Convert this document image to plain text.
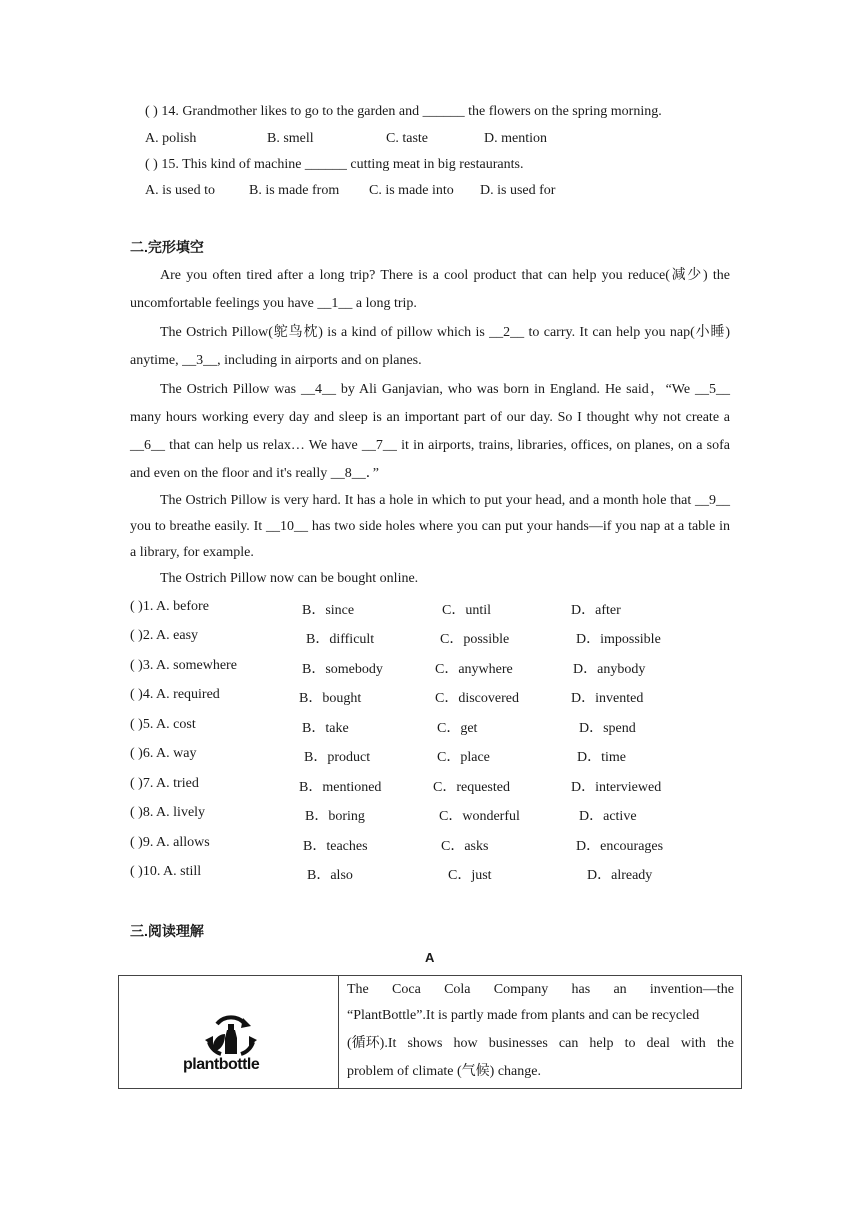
( ) 14. Grandmother likes to go to the garden and ______ the flowers on the spring morning.
A. polish	B. smell	C. taste	D. mention
( ) 15. This kind of machine ______ cutting meat in big restaurants.
A. is used to B. is made from C. is made into D. is used for
二.完形填空

Are you often tired after a long trip? There is a cool product that can help you reduce(减少) the uncomfortable feelings you have __1__ a long trip.

The Ostrich Pillow(鸵鸟枕) is a kind of pillow which is __2__ to carry. It can help you nap(小睡) anytime, __3__, including in airports and on planes.

The Ostrich Pillow was __4__ by Ali Ganjavian, who was born in England. He said，“We __5__ many hours working every day and sleep is an important part of our day. So I thought why not create a __6__ that can help us relax… We have __7__ it in airports, trains, libraries, offices, on planes, on a sofa and even on the floor and it's really __8__．”

The Ostrich Pillow is very hard. It has a hole in which to put your head, and a month hole that __9__ you to breathe easily. It __10__ has two side holes where you can put your hands—if you nap at a table in a library, for example.

The Ostrich Pillow now can be bought online.

( )1. A. before	B．since	C．until	D．after
( )2. A. easy	B．difficult	C．possible	D．impossible
( )3. A. somewhere	B．somebody	C．anywhere	D．anybody
( )4. A. required	B．bought	C．discovered	D．invented
( )5. A. cost	B．take	C．get	D．spend
( )6. A. way	B．product	C．place	D．time
( )7. A. tried	B．mentioned	C．requested	D．interviewed
( )8. A. lively	B．boring	C．wonderful	D．active
( )9. A. allows	B．teaches	C．asks	D．encourages
( )10. A. still	B．also	C．just	D．already
三.阅读理解
A
plantbottle
The Coca Cola Company has an invention—the
“PlantBottle”.It is partly made from plants and can be recycled
(循环).It shows how businesses can help to deal with the
problem of climate (气候) change.
